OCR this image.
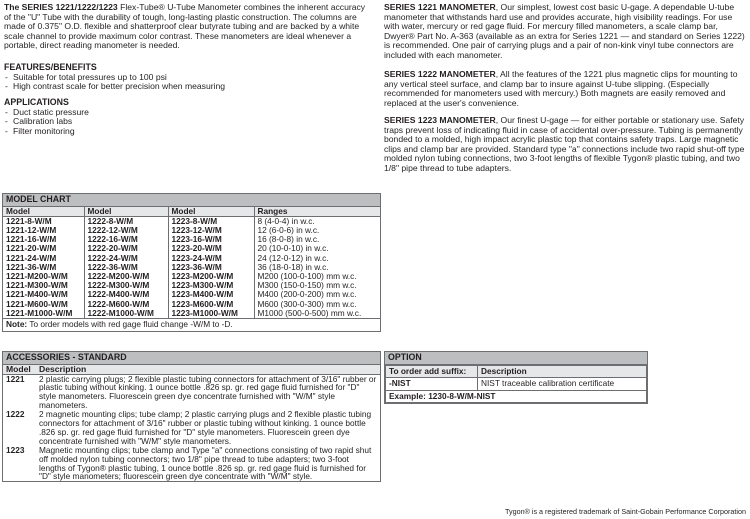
The SERIES 1221/1222/1223 Flex-Tube® U-Tube Manometer combines the inherent accuracy of the "U" Tube with the durability of tough, long-lasting plastic construction. The columns are made of 0.375" O.D. flexible and shatterproof clear butyrate tubing and are backed by a white scale channel to provide maximum color contrast. These manometers are ideal whenever a portable, direct reading manometer is needed.

FEATURES/BENEFITS
- Suitable for total pressures up to 100 psi
- High contrast scale for better precision when measuring
APPLICATIONS
- Duct static pressure
- Calibration labs
- Filter monitoring

SERIES 1221 MANOMETER, Our simplest, lowest cost basic U-gage. A dependable U-tube manometer that withstands hard use and provides accurate, high visibility readings. For use with water, mercury or red gage fluid. For mercury filled manometers, a scale clamp bar, Dwyer® Part No. A-363 (available as an extra for Series 1221 — and standard on Series 1222) is recommended. One pair of carrying plugs and a pair of non-kink vinyl tube connectors are included with each manometer.

SERIES 1222 MANOMETER, All the features of the 1221 plus magnetic clips for mounting to any vertical steel surface, and clamp bar to insure against U-tube slipping. (Especially recommended for manometers used with mercury.) Both magnets are easily removed and replaced at the user's convenience.

SERIES 1223 MANOMETER, Our finest U-gage — for either portable or stationary use. Safety traps prevent loss of indicating fluid in case of accidental over-pressure. Tubing is permanently bonded to a molded, high impact acrylic plastic top that contains safety traps. Large magnetic clips and clamp bar are provided. Standard type "a" connections include two rapid shut-off type molded nylon tubing connections, two 3-foot lengths of flexible Tygon® plastic tubing, and two 1/8" pipe thread to tube adapters.

MODEL CHART
Model	Model	Model	Ranges
1221-8-W/M	1222-8-W/M	1223-8-W/M	8 (4-0-4) in w.c.
1221-12-W/M	1222-12-W/M	1223-12-W/M	12 (6-0-6) in w.c.
1221-16-W/M	1222-16-W/M	1223-16-W/M	16 (8-0-8) in w.c.
1221-20-W/M	1222-20-W/M	1223-20-W/M	20 (10-0-10) in w.c.
1221-24-W/M	1222-24-W/M	1223-24-W/M	24 (12-0-12) in w.c.
1221-36-W/M	1222-36-W/M	1223-36-W/M	36 (18-0-18) in w.c.
1221-M200-W/M	1222-M200-W/M	1223-M200-W/M	M200 (100-0-100) mm w.c.
1221-M300-W/M	1222-M300-W/M	1223-M300-W/M	M300 (150-0-150) mm w.c.
1221-M400-W/M	1222-M400-W/M	1223-M400-W/M	M400 (200-0-200) mm w.c.
1221-M600-W/M	1222-M600-W/M	1223-M600-W/M	M600 (300-0-300) mm w.c.
1221-M1000-W/M	1222-M1000-W/M	1223-M1000-W/M	M1000 (500-0-500) mm w.c.
Note: To order models with red gage fluid change -W/M to -D.
ACCESSORIES - STANDARD
Model	Description
1221	2 plastic carrying plugs; 2 flexible plastic tubing connectors for attachment of 3/16" rubber or plastic tubing without kinking. 1 ounce bottle .826 sp. gr. red gage fluid furnished for "D" style manometers. Fluorescein green dye concentrate furnished with "W/M" style manometers.
1222	2 magnetic mounting clips; tube clamp; 2 plastic carrying plugs and 2 flexible plastic tubing connectors for attachment of 3/16" rubber or plastic tubing without kinking. 1 ounce bottle .826 sp. gr. red gage fluid furnished for "D" style manometers. Fluorescein green dye concentrate furnished with "W/M" style manometers.
1223	Magnetic mounting clips; tube clamp and Type "a" connections consisting of two rapid shut off molded nylon tubing connectors; two 1/8" pipe thread to tube adapters; two 3-foot lengths of Tygon® plastic tubing, 1 ounce bottle .826 sp. gr. red gage fluid is furnished for "D" style manometers; fluorescein green dye concentrate with "W/M" style.
OPTION
To order add suffix:	Description
-NIST	NIST traceable calibration certificate
Example: 1230-8-W/M-NIST	
Tygon® is a registered trademark of Saint-Gobain Performance Corporation
